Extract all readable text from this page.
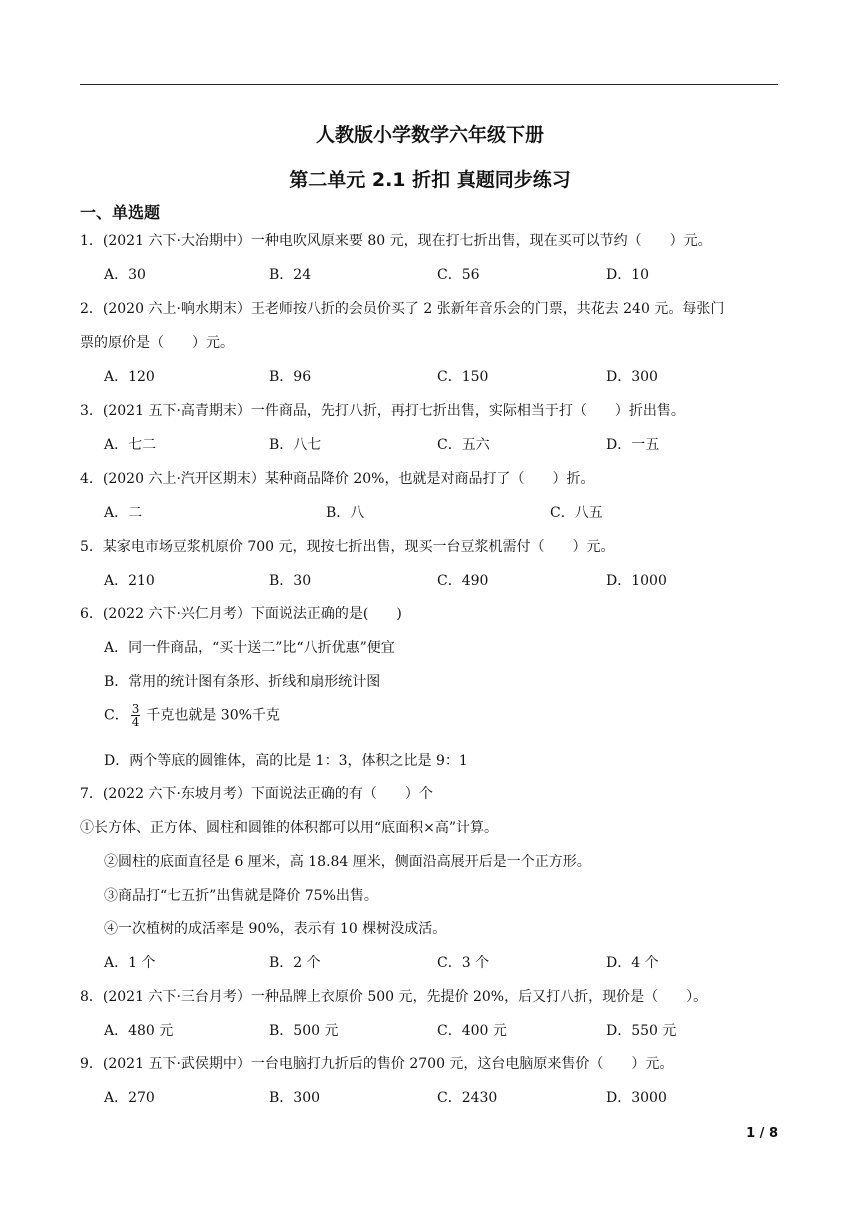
人教版小学数学六年级下册
第二单元 2.1 折扣 真题同步练习
一、单选题
1．(2021 六下·大冶期中）一种电吹风原来要 80 元，现在打七折出售，现在买可以节约（　　）元。
A．30	B．24	C．56	D．10
2．(2020 六上·响水期末）王老师按八折的会员价买了 2 张新年音乐会的门票，共花去 240 元。每张门
票的原价是（　　）元。
A．120	B．96	C．150	D．300
3．(2021 五下·高青期末）一件商品，先打八折，再打七折出售，实际相当于打（　　）折出售。
A．七二	B．八七	C．五六	D．一五
4．(2020 六上·汽开区期末）某种商品降价 20%，也就是对商品打了（　　）折。
A．二	B．八	C．八五
5．某家电市场豆浆机原价 700 元，现按七折出售，现买一台豆浆机需付（　　）元。
A．210	B．30	C．490	D．1000
6．(2022 六下·兴仁月考）下面说法正确的是(　　)
A．同一件商品，“买十送二”比“八折优惠”便宜
B．常用的统计图有条形、折线和扇形统计图
C． $\frac{3}{4}$ 千克也就是 30%千克
D．两个等底的圆锥体，高的比是 1：3，体积之比是 9：1
7．(2022 六下·东坡月考）下面说法正确的有（　　）个
①长方体、正方体、圆柱和圆锥的体积都可以用“底面积×高”计算。
②圆柱的底面直径是 6 厘米，高 18.84 厘米，侧面沿高展开后是一个正方形。
③商品打“七五折”出售就是降价 75%出售。
④一次植树的成活率是 90%，表示有 10 棵树没成活。
A．1 个	B．2 个	C．3 个	D．4 个
8．(2021 六下·三台月考）一种品牌上衣原价 500 元，先提价 20%，后又打八折，现价是（　　）。
A．480 元	B．500 元	C．400 元	D．550 元
9．(2021 五下·武侯期中）一台电脑打九折后的售价 2700 元，这台电脑原来售价（　　）元。
A．270	B．300	C．2430	D．3000
1 / 8
